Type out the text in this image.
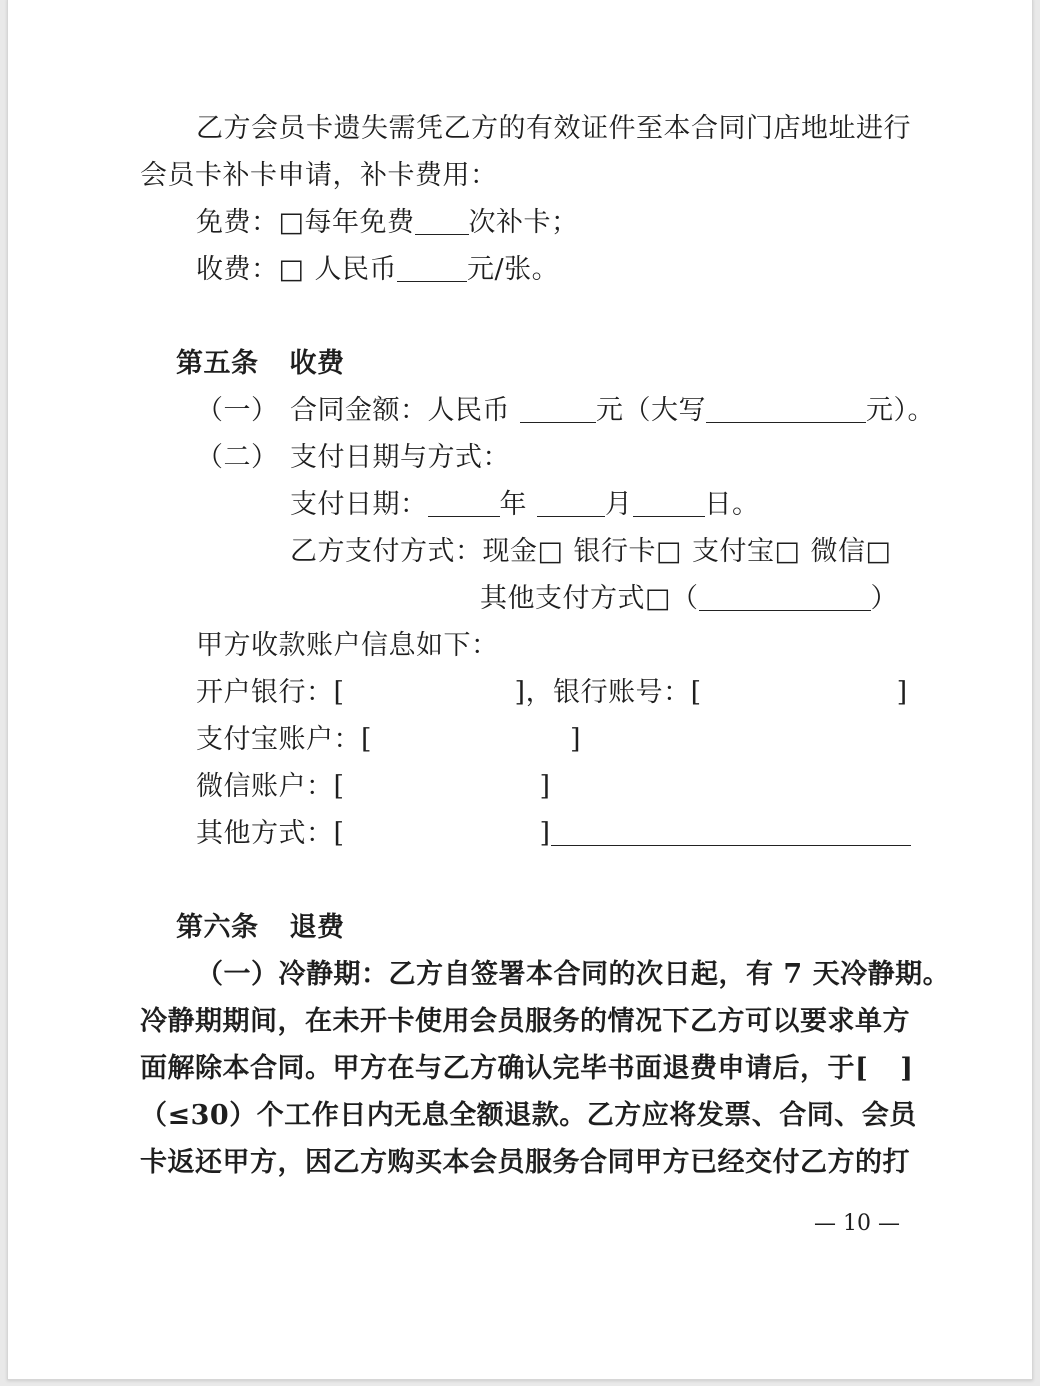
乙方会员卡遗失需凭乙方的有效证件至本合同门店地址进行
会员卡补卡申请，补卡费用：
免费：□每年免费 次补卡；
收费：□ 人民币	元/张。
第五条 收费
（一） 合同金额：人民币	元（大写	元）。
（二） 支付日期与方式：
支付日期：	年	月	日。
乙方支付方式：现金□ 银行卡□ 支付宝□ 微信□
其他支付方式□（	）
甲方收款账户信息如下：
开户银行：[	]，银行账号：[	]
支付宝账户：[	]
微信账户：[	]
其他方式：[	]
第六条 退费
（一）冷静期：乙方自签署本合同的次日起，有 7 天冷静期。
冷静期期间，在未开卡使用会员服务的情况下乙方可以要求单方
面解除本合同。甲方在与乙方确认完毕书面退费申请后，于[ ]
（≤30）个工作日内无息全额退款。乙方应将发票、合同、会员
卡返还甲方，因乙方购买本会员服务合同甲方已经交付乙方的打
— 10 —
